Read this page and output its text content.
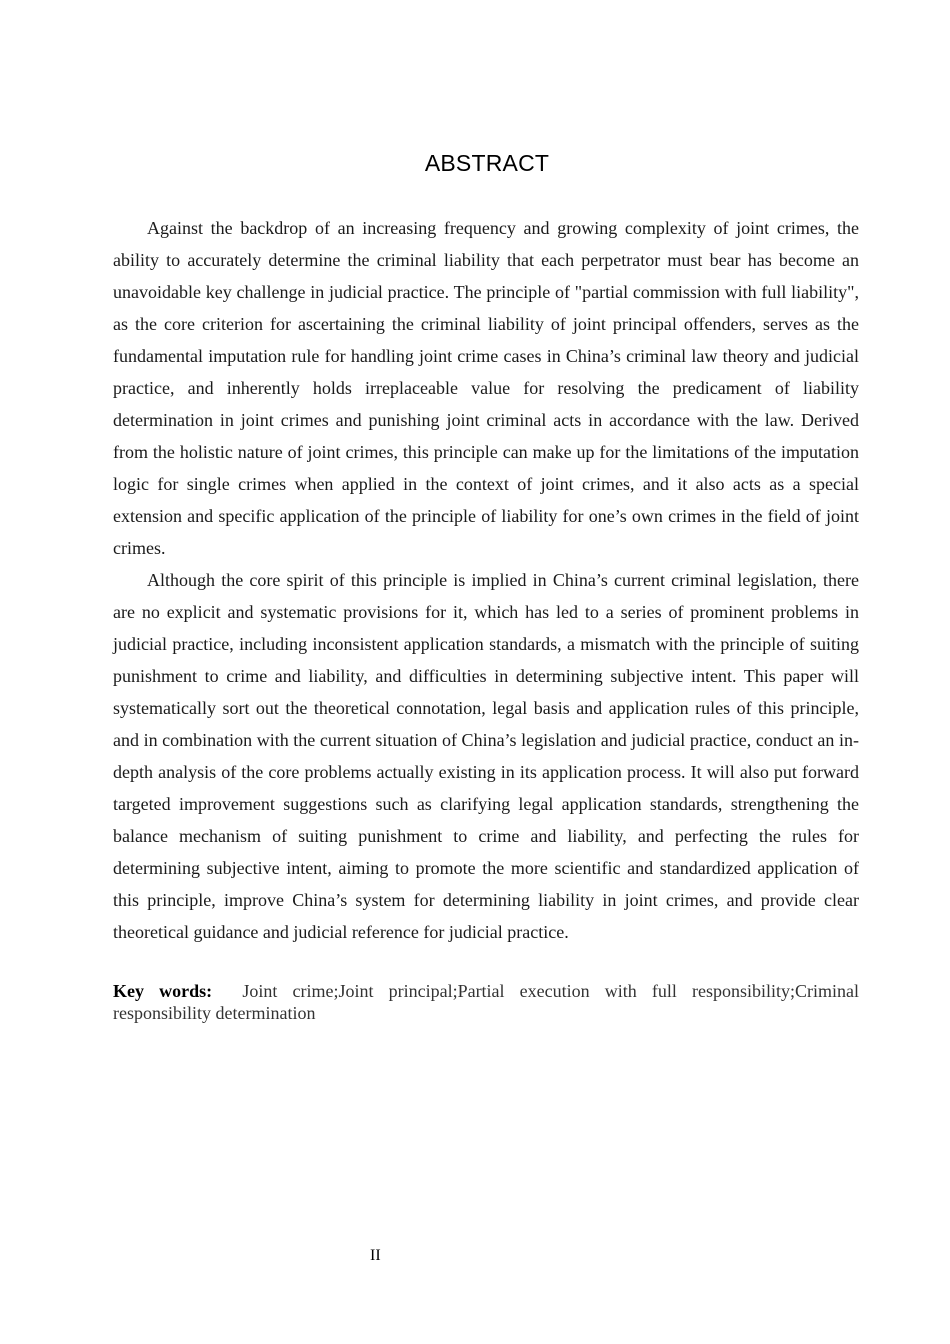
ABSTRACT

Against the backdrop of an increasing frequency and growing complexity of joint crimes, the ability to accurately determine the criminal liability that each perpetrator must bear has become an unavoidable key challenge in judicial practice. The principle of "partial commission with full liability", as the core criterion for ascertaining the criminal liability of joint principal offenders, serves as the fundamental imputation rule for handling joint crime cases in China’s criminal law theory and judicial practice, and inherently holds irreplaceable value for resolving the predicament of liability determination in joint crimes and punishing joint criminal acts in accordance with the law. Derived from the holistic nature of joint crimes, this principle can make up for the limitations of the imputation logic for single crimes when applied in the context of joint crimes, and it also acts as a special extension and specific application of the principle of liability for one’s own crimes in the field of joint crimes.

Although the core spirit of this principle is implied in China’s current criminal legislation, there are no explicit and systematic provisions for it, which has led to a series of prominent problems in judicial practice, including inconsistent application standards, a mismatch with the principle of suiting punishment to crime and liability, and difficulties in determining subjective intent. This paper will systematically sort out the theoretical connotation, legal basis and application rules of this principle, and in combination with the current situation of China’s legislation and judicial practice, conduct an in-depth analysis of the core problems actually existing in its application process. It will also put forward targeted improvement suggestions such as clarifying legal application standards, strengthening the balance mechanism of suiting punishment to crime and liability, and perfecting the rules for determining subjective intent, aiming to promote the more scientific and standardized application of this principle, improve China’s system for determining liability in joint crimes, and provide clear theoretical guidance and judicial reference for judicial practice.

Key words: Joint crime;Joint principal;Partial execution with full responsibility;Criminal responsibility determination
II
